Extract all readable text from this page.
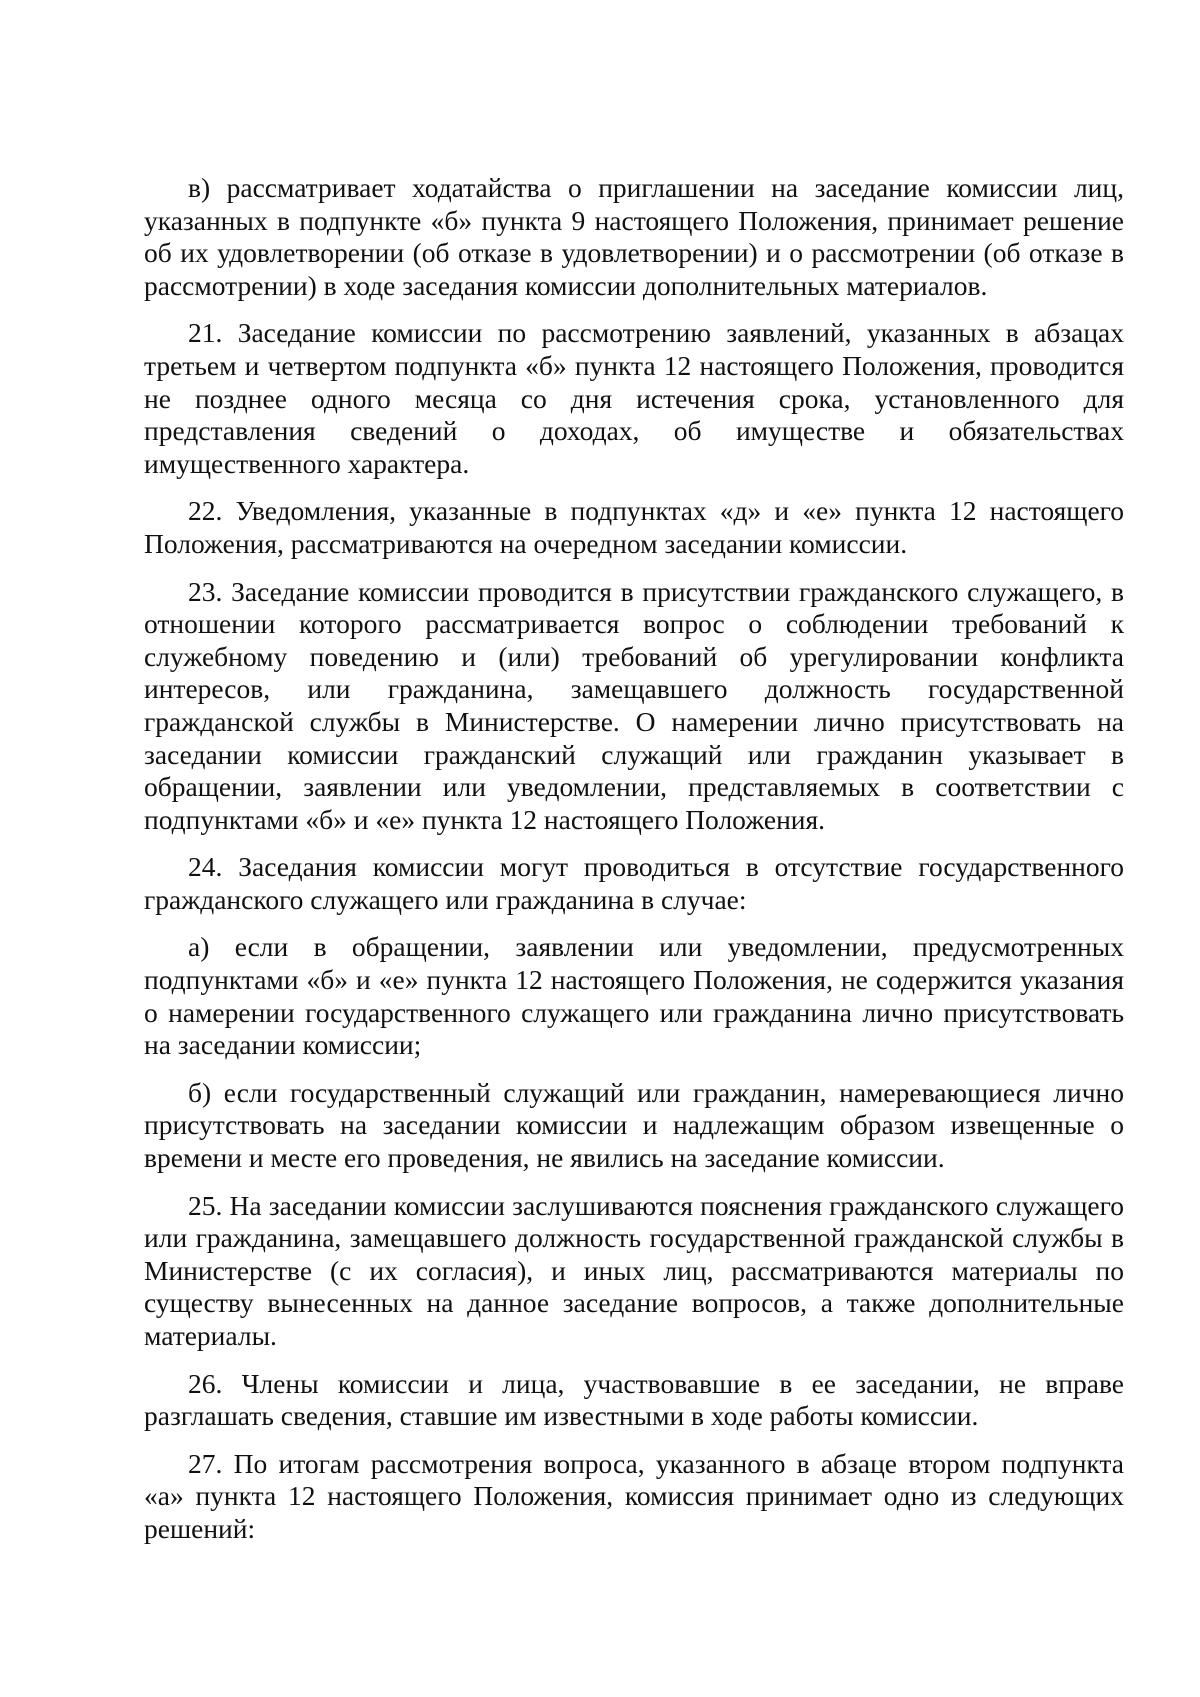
в) рассматривает ходатайства о приглашении на заседание комиссии лиц, указанных в подпункте «б» пункта 9 настоящего Положения, принимает решение об их удовлетворении (об отказе в удовлетворении) и о рассмотрении (об отказе в рассмотрении) в ходе заседания комиссии дополнительных материалов.

21. Заседание комиссии по рассмотрению заявлений, указанных в абзацах третьем и четвертом подпункта «б» пункта 12 настоящего Положения, проводится не позднее одного месяца со дня истечения срока, установленного для представления сведений о доходах, об имуществе и обязательствах имущественного характера.

22. Уведомления, указанные в подпунктах «д» и «е» пункта 12 настоящего Положения, рассматриваются на очередном заседании комиссии.

23. Заседание комиссии проводится в присутствии гражданского служащего, в отношении которого рассматривается вопрос о соблюдении требований к служебному поведению и (или) требований об урегулировании конфликта интересов, или гражданина, замещавшего должность государственной гражданской службы в Министерстве. О намерении лично присутствовать на заседании комиссии гражданский служащий или гражданин указывает в обращении, заявлении или уведомлении, представляемых в соответствии с подпунктами «б» и «е» пункта 12 настоящего Положения.

24. Заседания комиссии могут проводиться в отсутствие государственного гражданского служащего или гражданина в случае:

а) если в обращении, заявлении или уведомлении, предусмотренных подпунктами «б» и «е» пункта 12 настоящего Положения, не содержится указания о намерении государственного служащего или гражданина лично присутствовать на заседании комиссии;

б) если государственный служащий или гражданин, намеревающиеся лично присутствовать на заседании комиссии и надлежащим образом извещенные о времени и месте его проведения, не явились на заседание комиссии.

25. На заседании комиссии заслушиваются пояснения гражданского служащего или гражданина, замещавшего должность государственной гражданской службы в Министерстве (с их согласия), и иных лиц, рассматриваются материалы по существу вынесенных на данное заседание вопросов, а также дополнительные материалы.

26. Члены комиссии и лица, участвовавшие в ее заседании, не вправе разглашать сведения, ставшие им известными в ходе работы комиссии.

27. По итогам рассмотрения вопроса, указанного в абзаце втором подпункта «а» пункта 12 настоящего Положения, комиссия принимает одно из следующих решений:
